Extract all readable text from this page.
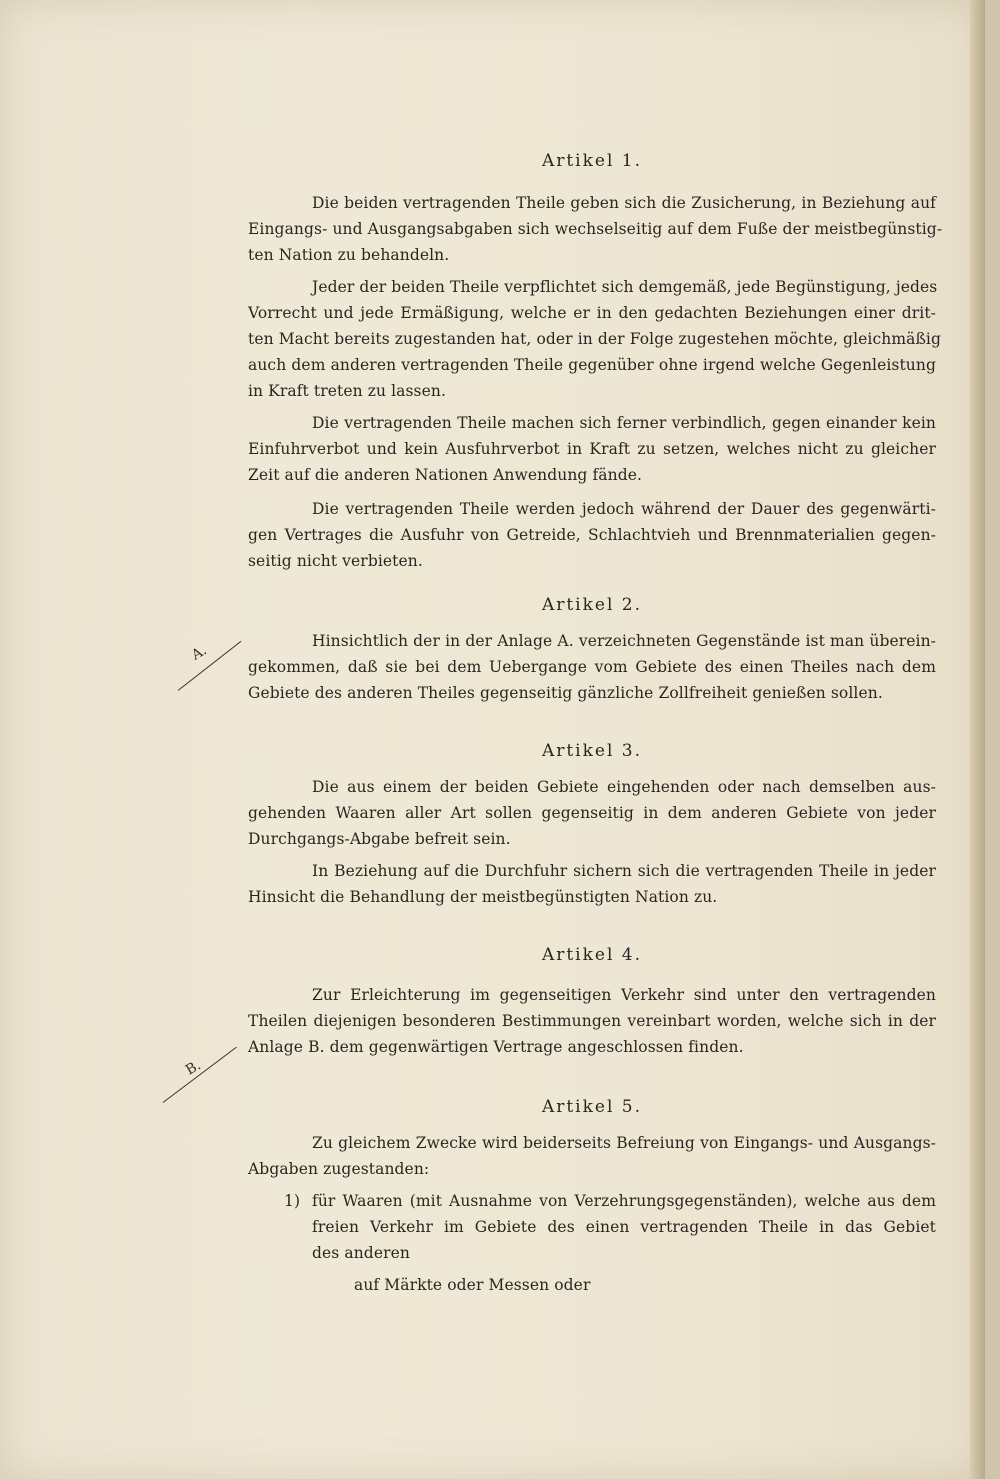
A.
B.
Artikel 1.
Die beiden vertragenden Theile geben sich die Zusicherung, in Beziehung auf
Eingangs- und Ausgangsabgaben sich wechselseitig auf dem Fuße der meistbegünstig-
ten Nation zu behandeln.
Jeder der beiden Theile verpflichtet sich demgemäß, jede Begünstigung, jedes
Vorrecht und jede Ermäßigung, welche er in den gedachten Beziehungen einer drit-
ten Macht bereits zugestanden hat, oder in der Folge zugestehen möchte, gleichmäßig
auch dem anderen vertragenden Theile gegenüber ohne irgend welche Gegenleistung
in Kraft treten zu lassen.
Die vertragenden Theile machen sich ferner verbindlich, gegen einander kein
Einfuhrverbot und kein Ausfuhrverbot in Kraft zu setzen, welches nicht zu gleicher
Zeit auf die anderen Nationen Anwendung fände.
Die vertragenden Theile werden jedoch während der Dauer des gegenwärti-
gen Vertrages die Ausfuhr von Getreide, Schlachtvieh und Brennmaterialien gegen-
seitig nicht verbieten.
Artikel 2.
Hinsichtlich der in der Anlage A. verzeichneten Gegenstände ist man überein-
gekommen, daß sie bei dem Uebergange vom Gebiete des einen Theiles nach dem
Gebiete des anderen Theiles gegenseitig gänzliche Zollfreiheit genießen sollen.
Artikel 3.
Die aus einem der beiden Gebiete eingehenden oder nach demselben aus-
gehenden Waaren aller Art sollen gegenseitig in dem anderen Gebiete von jeder
Durchgangs-Abgabe befreit sein.
In Beziehung auf die Durchfuhr sichern sich die vertragenden Theile in jeder
Hinsicht die Behandlung der meistbegünstigten Nation zu.
Artikel 4.
Zur Erleichterung im gegenseitigen Verkehr sind unter den vertragenden
Theilen diejenigen besonderen Bestimmungen vereinbart worden, welche sich in der
Anlage B. dem gegenwärtigen Vertrage angeschlossen finden.
Artikel 5.
Zu gleichem Zwecke wird beiderseits Befreiung von Eingangs- und Ausgangs-
Abgaben zugestanden:
1) für Waaren (mit Ausnahme von Verzehrungsgegenständen), welche aus dem
freien Verkehr im Gebiete des einen vertragenden Theile in das Gebiet
des anderen
auf Märkte oder Messen oder
